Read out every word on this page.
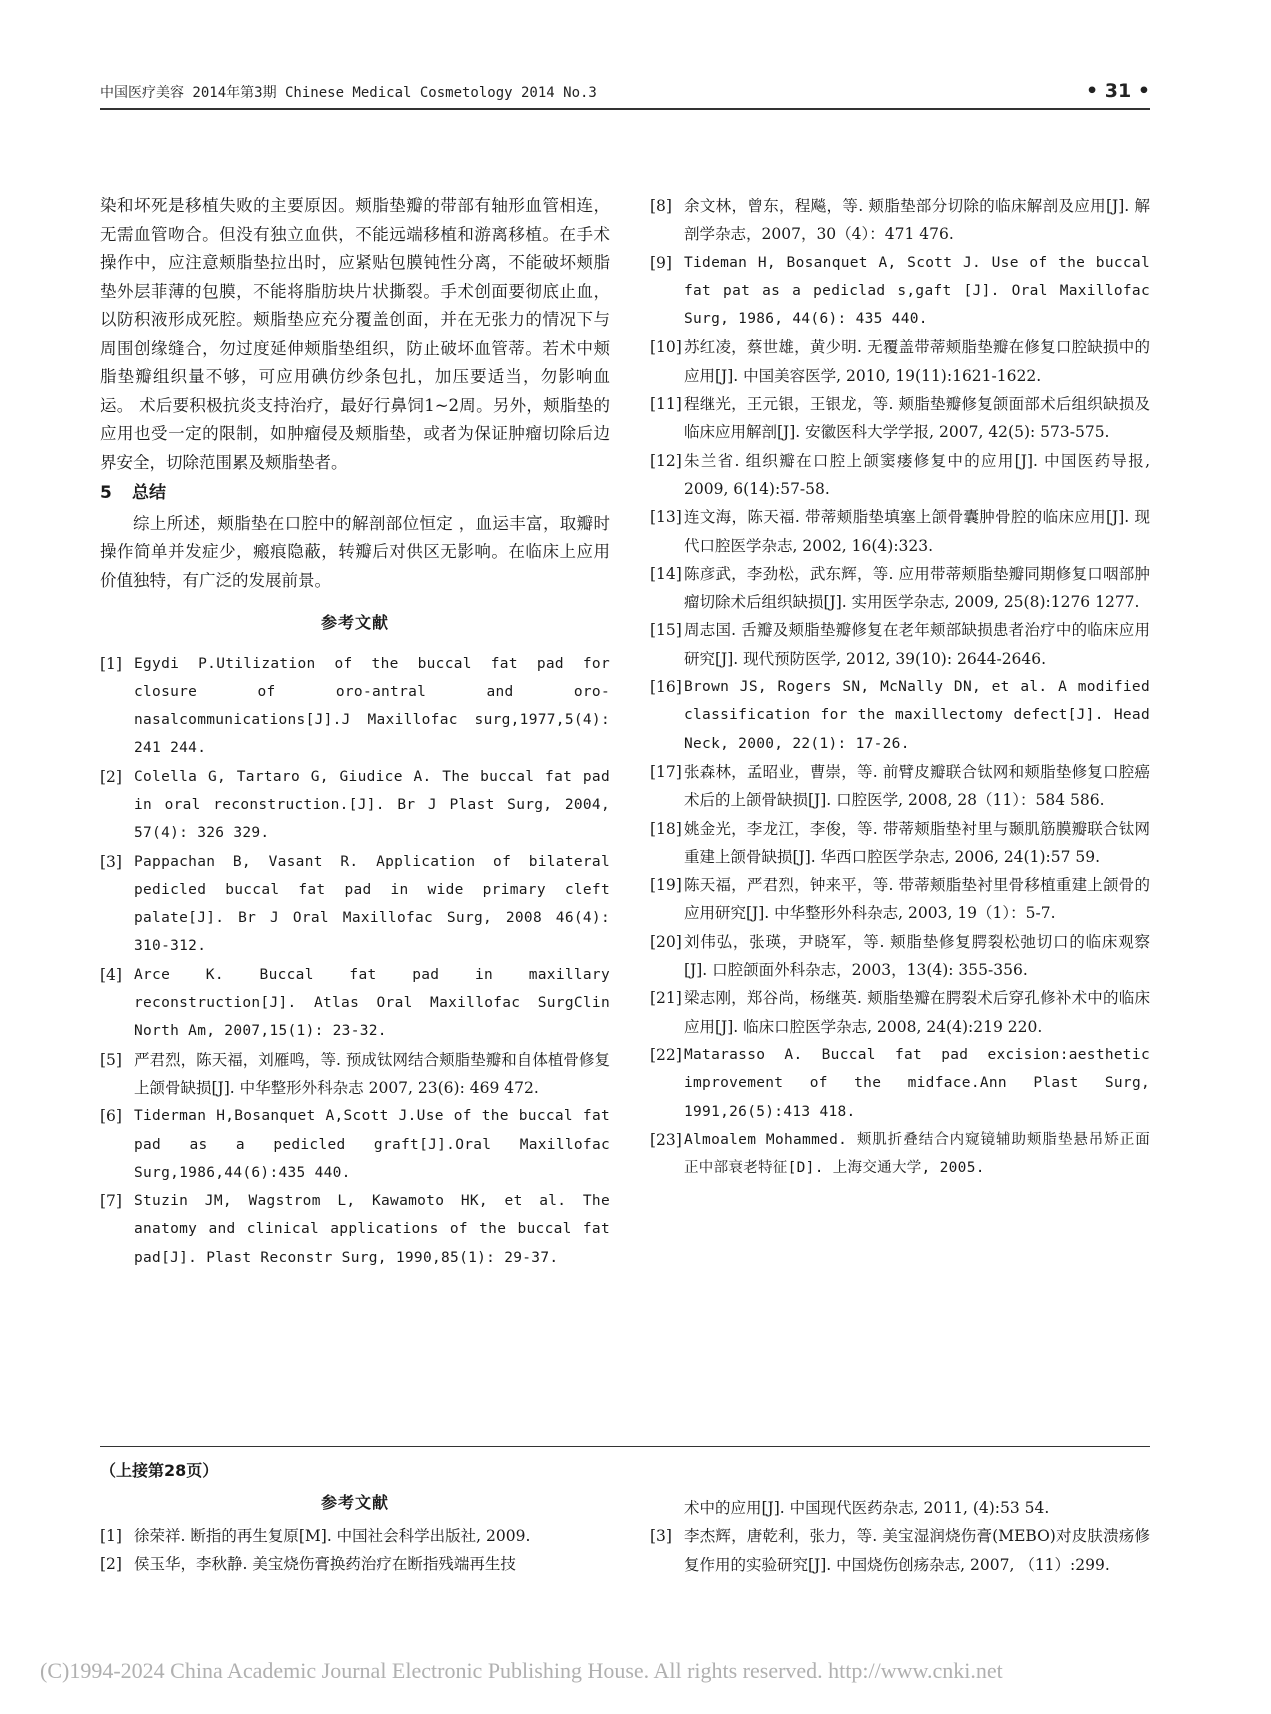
中国医疗美容 2014年第3期 Chinese Medical Cosmetology 2014 No.3	• 31 •

染和坏死是移植失败的主要原因。颊脂垫瓣的带部有轴形血管相连，无需血管吻合。但没有独立血供，不能远端移植和游离移植。在手术操作中，应注意颊脂垫拉出时，应紧贴包膜钝性分离，不能破坏颊脂垫外层菲薄的包膜，不能将脂肪块片状撕裂。手术创面要彻底止血，以防积液形成死腔。颊脂垫应充分覆盖创面，并在无张力的情况下与周围创缘缝合，勿过度延伸颊脂垫组织，防止破坏血管蒂。若术中颊脂垫瓣组织量不够，可应用碘仿纱条包扎，加压要适当，勿影响血运。 术后要积极抗炎支持治疗，最好行鼻饲1~2周。另外，颊脂垫的应用也受一定的限制，如肿瘤侵及颊脂垫，或者为保证肿瘤切除后边界安全，切除范围累及颊脂垫者。

5 总结

综上所述，颊脂垫在口腔中的解剖部位恒定 ，血运丰富，取瓣时操作简单并发症少，瘢痕隐蔽，转瓣后对供区无影响。在临床上应用价值独特，有广泛的发展前景。

参考文献
[1] Egydi P.Utilization of the buccal fat pad for closure of oro-antral and oro-nasalcommunications[J].J Maxillofac surg,1977,5(4): 241 244.
[2] Colella G, Tartaro G, Giudice A. The buccal fat pad in oral reconstruction.[J]. Br J Plast Surg, 2004, 57(4): 326 329.
[3] Pappachan B, Vasant R. Application of bilateral pedicled buccal fat pad in wide primary cleft palate[J]. Br J Oral Maxillofac Surg, 2008 46(4): 310-312.
[4] Arce K. Buccal fat pad in maxillary reconstruction[J]. Atlas Oral Maxillofac SurgClin North Am, 2007,15(1): 23-32.
[5] 严君烈，陈天福，刘雁鸣，等. 预成钛网结合颊脂垫瓣和自体植骨修复上颌骨缺损[J]. 中华整形外科杂志 2007, 23(6): 469 472.
[6] Tiderman H,Bosanquet A,Scott J.Use of the buccal fat pad as a pedicled graft[J].Oral Maxillofac Surg,1986,44(6):435 440.
[7] Stuzin JM, Wagstrom L, Kawamoto HK, et al. The anatomy and clinical applications of the buccal fat pad[J]. Plast Reconstr Surg, 1990,85(1): 29-37.
[8] 余文林，曾东，程飚，等. 颊脂垫部分切除的临床解剖及应用[J]. 解剖学杂志，2007，30（4）：471 476.
[9] Tideman H, Bosanquet A, Scott J. Use of the buccal fat pat as a pediclad s,gaft [J]. Oral Maxillofac Surg, 1986, 44(6): 435 440.
[10] 苏红凌，蔡世雄，黄少明. 无覆盖带蒂颊脂垫瓣在修复口腔缺损中的应用[J]. 中国美容医学, 2010, 19(11):1621-1622.
[11] 程继光，王元银，王银龙，等. 颊脂垫瓣修复颌面部术后组织缺损及临床应用解剖[J]. 安徽医科大学学报, 2007, 42(5): 573-575.
[12] 朱兰省. 组织瓣在口腔上颌窦瘘修复中的应用[J]. 中国医药导报, 2009, 6(14):57-58.
[13] 连文海，陈天福. 带蒂颊脂垫填塞上颌骨囊肿骨腔的临床应用[J]. 现代口腔医学杂志, 2002, 16(4):323.
[14] 陈彦武，李劲松，武东辉，等. 应用带蒂颊脂垫瓣同期修复口咽部肿瘤切除术后组织缺损[J]. 实用医学杂志, 2009, 25(8):1276 1277.
[15] 周志国. 舌瓣及颊脂垫瓣修复在老年颊部缺损患者治疗中的临床应用研究[J]. 现代预防医学, 2012, 39(10): 2644-2646.
[16] Brown JS, Rogers SN, McNally DN, et al. A modified classification for the maxillectomy defect[J]. Head Neck, 2000, 22(1): 17-26.
[17] 张森林，孟昭业，曹崇，等. 前臂皮瓣联合钛网和颊脂垫修复口腔癌术后的上颌骨缺损[J]. 口腔医学, 2008, 28（11）：584 586.
[18] 姚金光，李龙江，李俊，等. 带蒂颊脂垫衬里与颞肌筋膜瓣联合钛网重建上颌骨缺损[J]. 华西口腔医学杂志, 2006, 24(1):57 59.
[19] 陈天福，严君烈，钟来平，等. 带蒂颊脂垫衬里骨移植重建上颌骨的应用研究[J]. 中华整形外科杂志, 2003, 19（1）：5-7.
[20] 刘伟弘，张瑛，尹晓军，等. 颊脂垫修复腭裂松弛切口的临床观察[J]. 口腔颌面外科杂志，2003，13(4): 355-356.
[21] 梁志刚，郑谷尚，杨继英. 颊脂垫瓣在腭裂术后穿孔修补术中的临床应用[J]. 临床口腔医学杂志, 2008, 24(4):219 220.
[22] Matarasso A. Buccal fat pad excision:aesthetic improvement of the midface.Ann Plast Surg, 1991,26(5):413 418.
[23] Almoalem Mohammed. 颊肌折叠结合内窥镜辅助颊脂垫悬吊矫正面正中部衰老特征[D]. 上海交通大学, 2005.
（上接第28页）
参考文献
[1] 徐荣祥. 断指的再生复原[M]. 中国社会科学出版社, 2009.
[2] 侯玉华，李秋静. 美宝烧伤膏换药治疗在断指残端再生技
术中的应用[J]. 中国现代医药杂志, 2011, (4):53 54.
[3] 李杰辉，唐乾利，张力，等. 美宝湿润烧伤膏(MEBO)对皮肤溃疡修复作用的实验研究[J]. 中国烧伤创疡杂志, 2007, （11）:299.
(C)1994-2024 China Academic Journal Electronic Publishing House. All rights reserved. http://www.cnki.net
